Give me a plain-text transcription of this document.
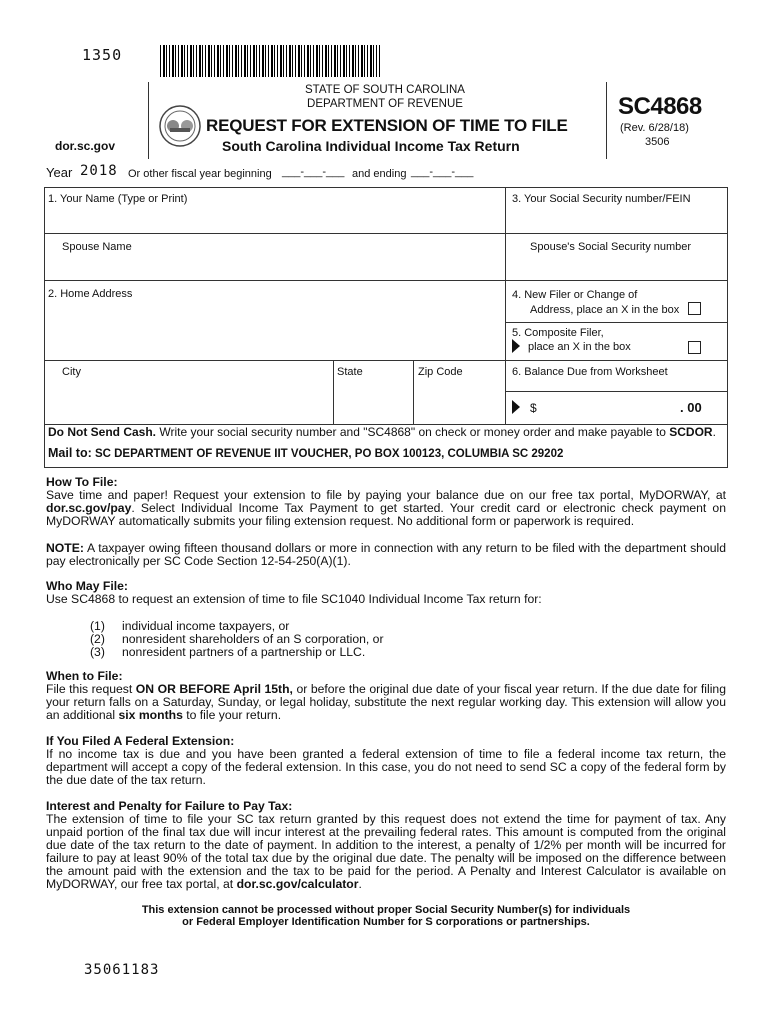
1350
STATE OF SOUTH CAROLINA
DEPARTMENT OF REVENUE
dor.sc.gov
REQUEST FOR EXTENSION OF TIME TO FILE
South Carolina Individual Income Tax Return
SC4868
(Rev. 6/28/18)
3506
Year 2018 Or other fiscal year beginning ___-___-___ and ending ___-___-___
1. Your Name (Type or Print)	3. Your Social Security number/FEIN
Spouse Name	Spouse's Social Security number
2. Home Address	4. New Filer or Change of
Address, place an X in the box
5. Composite Filer,
place an X in the box
City	State	Zip Code	6. Balance Due from Worksheet
$	. 00
Do Not Send Cash. Write your social security number and "SC4868" on check or money order and make payable to SCDOR.
Mail to: SC DEPARTMENT OF REVENUE IIT VOUCHER, PO BOX 100123, COLUMBIA SC 29202
How To File:
Save time and paper! Request your extension to file by paying your balance due on our free tax portal, MyDORWAY, at dor.sc.gov/pay. Select Individual Income Tax Payment to get started. Your credit card or electronic check payment on MyDORWAY automatically submits your filing extension request. No additional form or paperwork is required.
NOTE: A taxpayer owing fifteen thousand dollars or more in connection with any return to be filed with the department should pay electronically per SC Code Section 12-54-250(A)(1).
Who May File:
Use SC4868 to request an extension of time to file SC1040 Individual Income Tax return for:
(1) individual income taxpayers, or
(2) nonresident shareholders of an S corporation, or
(3) nonresident partners of a partnership or LLC.
When to File:
File this request ON OR BEFORE April 15th, or before the original due date of your fiscal year return. If the due date for filing your return falls on a Saturday, Sunday, or legal holiday, substitute the next regular working day. This extension will allow you an additional six months to file your return.
If You Filed A Federal Extension:
If no income tax is due and you have been granted a federal extension of time to file a federal income tax return, the department will accept a copy of the federal extension. In this case, you do not need to send SC a copy of the federal form by the due date of the tax return.
Interest and Penalty for Failure to Pay Tax:
The extension of time to file your SC tax return granted by this request does not extend the time for payment of tax. Any unpaid portion of the final tax due will incur interest at the prevailing federal rates. This amount is computed from the original due date of the tax return to the date of payment. In addition to the interest, a penalty of 1/2% per month will be incurred for failure to pay at least 90% of the total tax due by the original due date. The penalty will be imposed on the difference between the amount paid with the extension and the tax to be paid for the period. A Penalty and Interest Calculator is available on MyDORWAY, our free tax portal, at dor.sc.gov/calculator.
This extension cannot be processed without proper Social Security Number(s) for individuals
or Federal Employer Identification Number for S corporations or partnerships.
35061183
